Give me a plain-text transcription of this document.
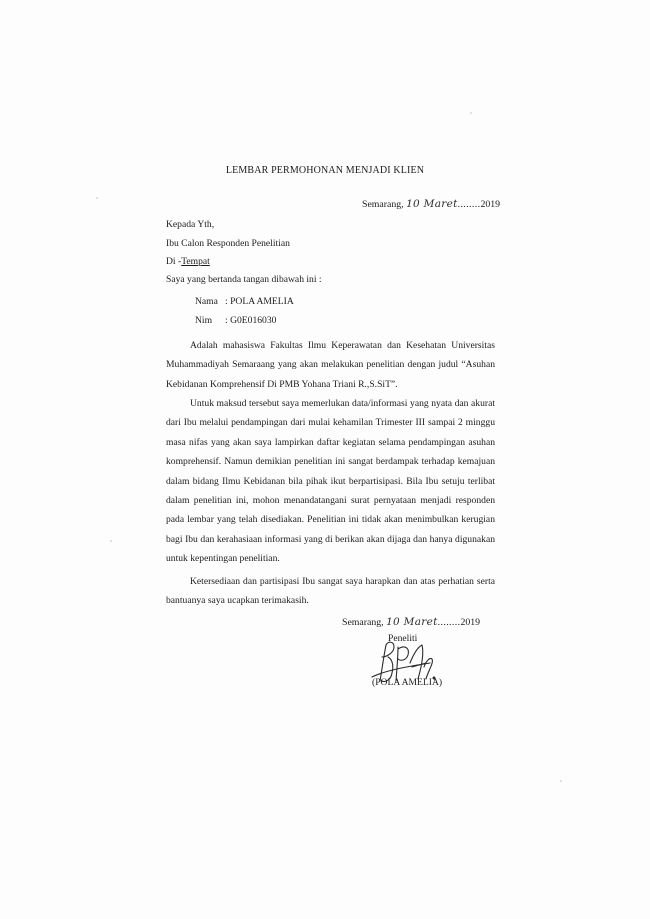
LEMBAR PERMOHONAN MENJADI KLIEN
Semarang, 10 Maret........2019
Kepada Yth,
Ibu Calon Responden Penelitian
Di -Tempat
Saya yang bertanda tangan dibawah ini :
Nama : POLA AMELIA
Nim : G0E016030
Adalah mahasiswa Fakultas Ilmu Keperawatan dan Kesehatan Universitas Muhammadiyah Semaraang yang akan melakukan penelitian dengan judul “Asuhan Kebidanan Komprehensif Di PMB Yohana Triani R.,S.SiT”.
Untuk maksud tersebut saya memerlukan data/informasi yang nyata dan akurat dari Ibu melalui pendampingan dari mulai kehamilan Trimester III sampai 2 minggu masa nifas yang akan saya lampirkan daftar kegiatan selama pendampingan asuhan komprehensif. Namun demikian penelitian ini sangat berdampak terhadap kemajuan dalam bidang Ilmu Kebidanan bila pihak ikut berpartisipasi. Bila Ibu setuju terlibat dalam penelitian ini, mohon menandatangani surat pernyataan menjadi responden pada lembar yang telah disediakan. Penelitian ini tidak akan menimbulkan kerugian bagi Ibu dan kerahasiaan informasi yang di berikan akan dijaga dan hanya digunakan untuk kepentingan penelitian.
Ketersediaan dan partisipasi Ibu sangat saya harapkan dan atas perhatian serta bantuanya saya ucapkan terimakasih.
Semarang, 10 Maret........2019
Peneliti
(POLA AMELIA)
